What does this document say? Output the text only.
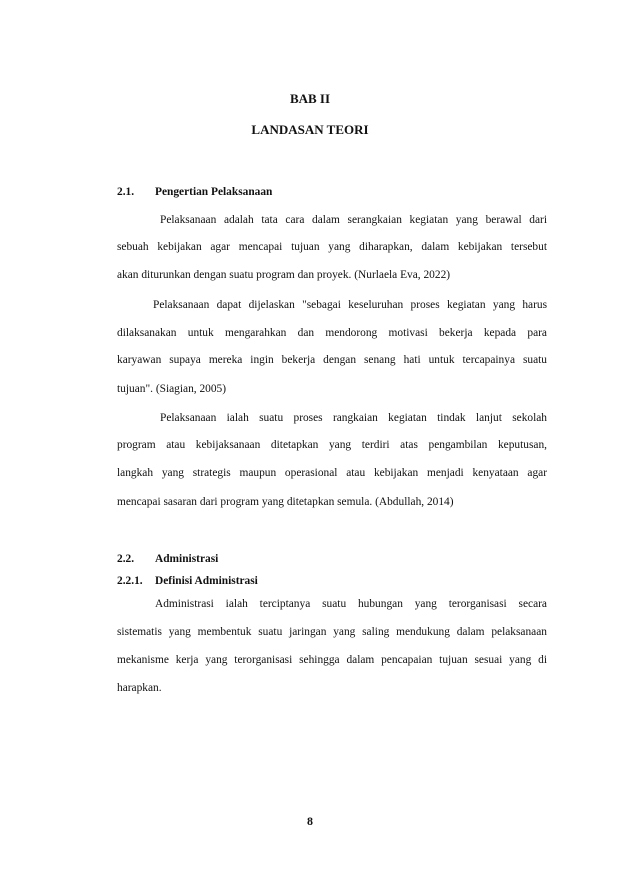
BAB II
LANDASAN TEORI
2.1. Pengertian Pelaksanaan
Pelaksanaan adalah tata cara dalam serangkaian kegiatan yang berawal dari
sebuah kebijakan agar mencapai tujuan yang diharapkan, dalam kebijakan tersebut
akan diturunkan dengan suatu program dan proyek. (Nurlaela Eva, 2022)
Pelaksanaan dapat dijelaskan "sebagai keseluruhan proses kegiatan yang harus
dilaksanakan untuk mengarahkan dan mendorong motivasi bekerja kepada para
karyawan supaya mereka ingin bekerja dengan senang hati untuk tercapainya suatu
tujuan". (Siagian, 2005)
Pelaksanaan ialah suatu proses rangkaian kegiatan tindak lanjut sekolah
program atau kebijaksanaan ditetapkan yang terdiri atas pengambilan keputusan,
langkah yang strategis maupun operasional atau kebijakan menjadi kenyataan agar
mencapai sasaran dari program yang ditetapkan semula. (Abdullah, 2014)
2.2. Administrasi
2.2.1. Definisi Administrasi
Administrasi ialah terciptanya suatu hubungan yang terorganisasi secara
sistematis yang membentuk suatu jaringan yang saling mendukung dalam pelaksanaan
mekanisme kerja yang terorganisasi sehingga dalam pencapaian tujuan sesuai yang di
harapkan.
8
